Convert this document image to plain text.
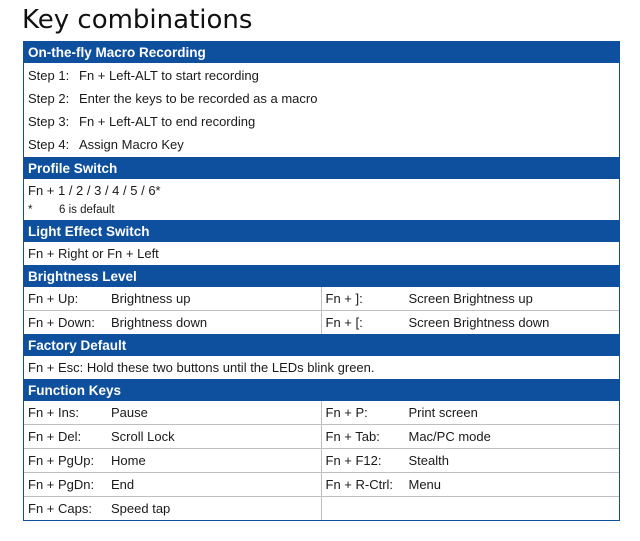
Key combinations
On-the-fly Macro Recording
Step 1: Fn + Left-ALT to start recording
Step 2: Enter the keys to be recorded as a macro
Step 3: Fn + Left-ALT to end recording
Step 4: Assign Macro Key
Profile Switch
Fn + 1 / 2 / 3 / 4 / 5 / 6*
* 6 is default
Light Effect Switch
Fn + Right or Fn + Left
Brightness Level
Fn + Up:	Brightness up	Fn + ]:	Screen Brightness up
Fn + Down: Brightness down	Fn + [:	Screen Brightness down
Factory Default
Fn + Esc: Hold these two buttons until the LEDs blink green.
Function Keys
Fn + Ins: Pause	Fn + P:	Print screen
Fn + Del: Scroll Lock	Fn + Tab: Mac/PC mode
Fn + PgUp: Home	Fn + F12: Stealth
Fn + PgDn: End	Fn + R-Ctrl: Menu
Fn + Caps: Speed tap
